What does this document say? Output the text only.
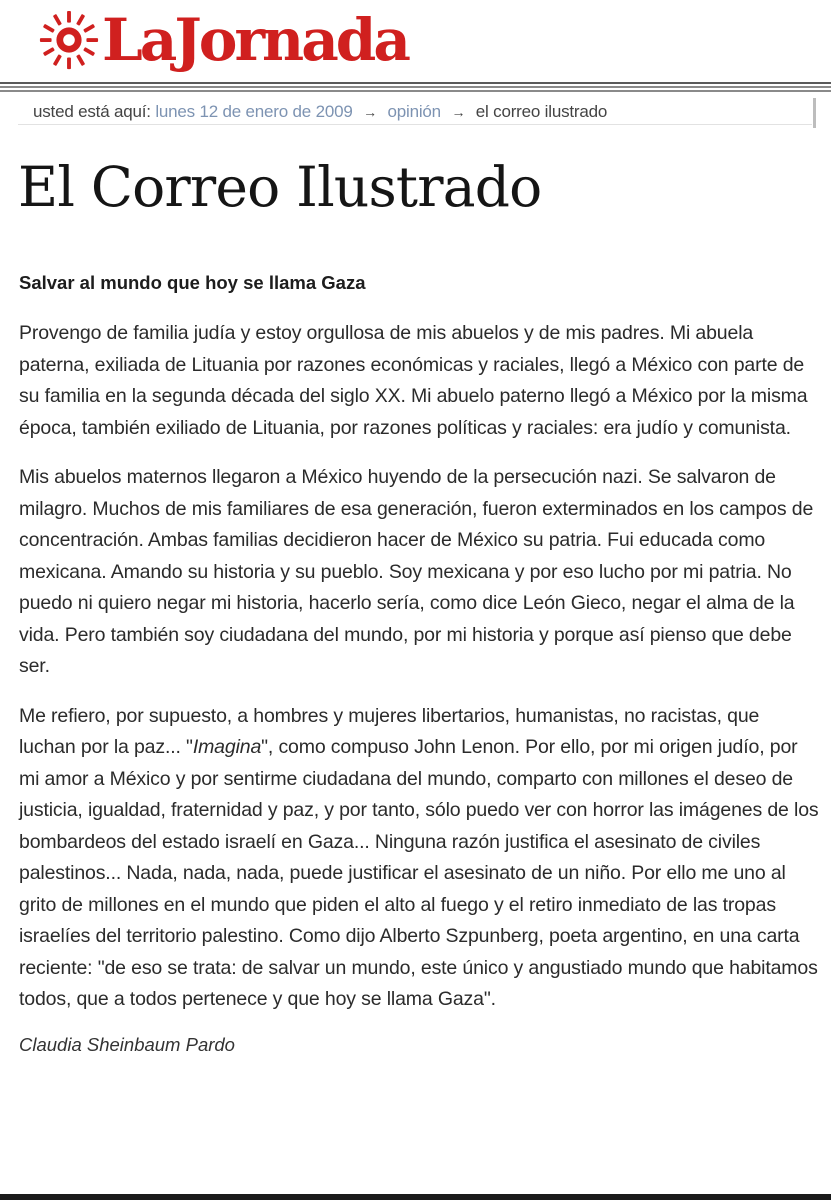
LaJornada
usted está aquí: lunes 12 de enero de 2009 → opinión → el correo ilustrado
El Correo Ilustrado
Salvar al mundo que hoy se llama Gaza

Provengo de familia judía y estoy orgullosa de mis abuelos y de mis padres. Mi abuela paterna, exiliada de Lituania por razones económicas y raciales, llegó a México con parte de su familia en la segunda década del siglo XX. Mi abuelo paterno llegó a México por la misma época, también exiliado de Lituania, por razones políticas y raciales: era judío y comunista.

Mis abuelos maternos llegaron a México huyendo de la persecución nazi. Se salvaron de milagro. Muchos de mis familiares de esa generación, fueron exterminados en los campos de concentración. Ambas familias decidieron hacer de México su patria. Fui educada como mexicana. Amando su historia y su pueblo. Soy mexicana y por eso lucho por mi patria. No puedo ni quiero negar mi historia, hacerlo sería, como dice León Gieco, negar el alma de la vida. Pero también soy ciudadana del mundo, por mi historia y porque así pienso que debe ser.

Me refiero, por supuesto, a hombres y mujeres libertarios, humanistas, no racistas, que luchan por la paz... "Imagina", como compuso John Lenon. Por ello, por mi origen judío, por mi amor a México y por sentirme ciudadana del mundo, comparto con millones el deseo de justicia, igualdad, fraternidad y paz, y por tanto, sólo puedo ver con horror las imágenes de los bombardeos del estado israelí en Gaza... Ninguna razón justifica el asesinato de civiles palestinos... Nada, nada, nada, puede justificar el asesinato de un niño. Por ello me uno al grito de millones en el mundo que piden el alto al fuego y el retiro inmediato de las tropas israelíes del territorio palestino. Como dijo Alberto Szpunberg, poeta argentino, en una carta reciente: "de eso se trata: de salvar un mundo, este único y angustiado mundo que habitamos todos, que a todos pertenece y que hoy se llama Gaza".

Claudia Sheinbaum Pardo
